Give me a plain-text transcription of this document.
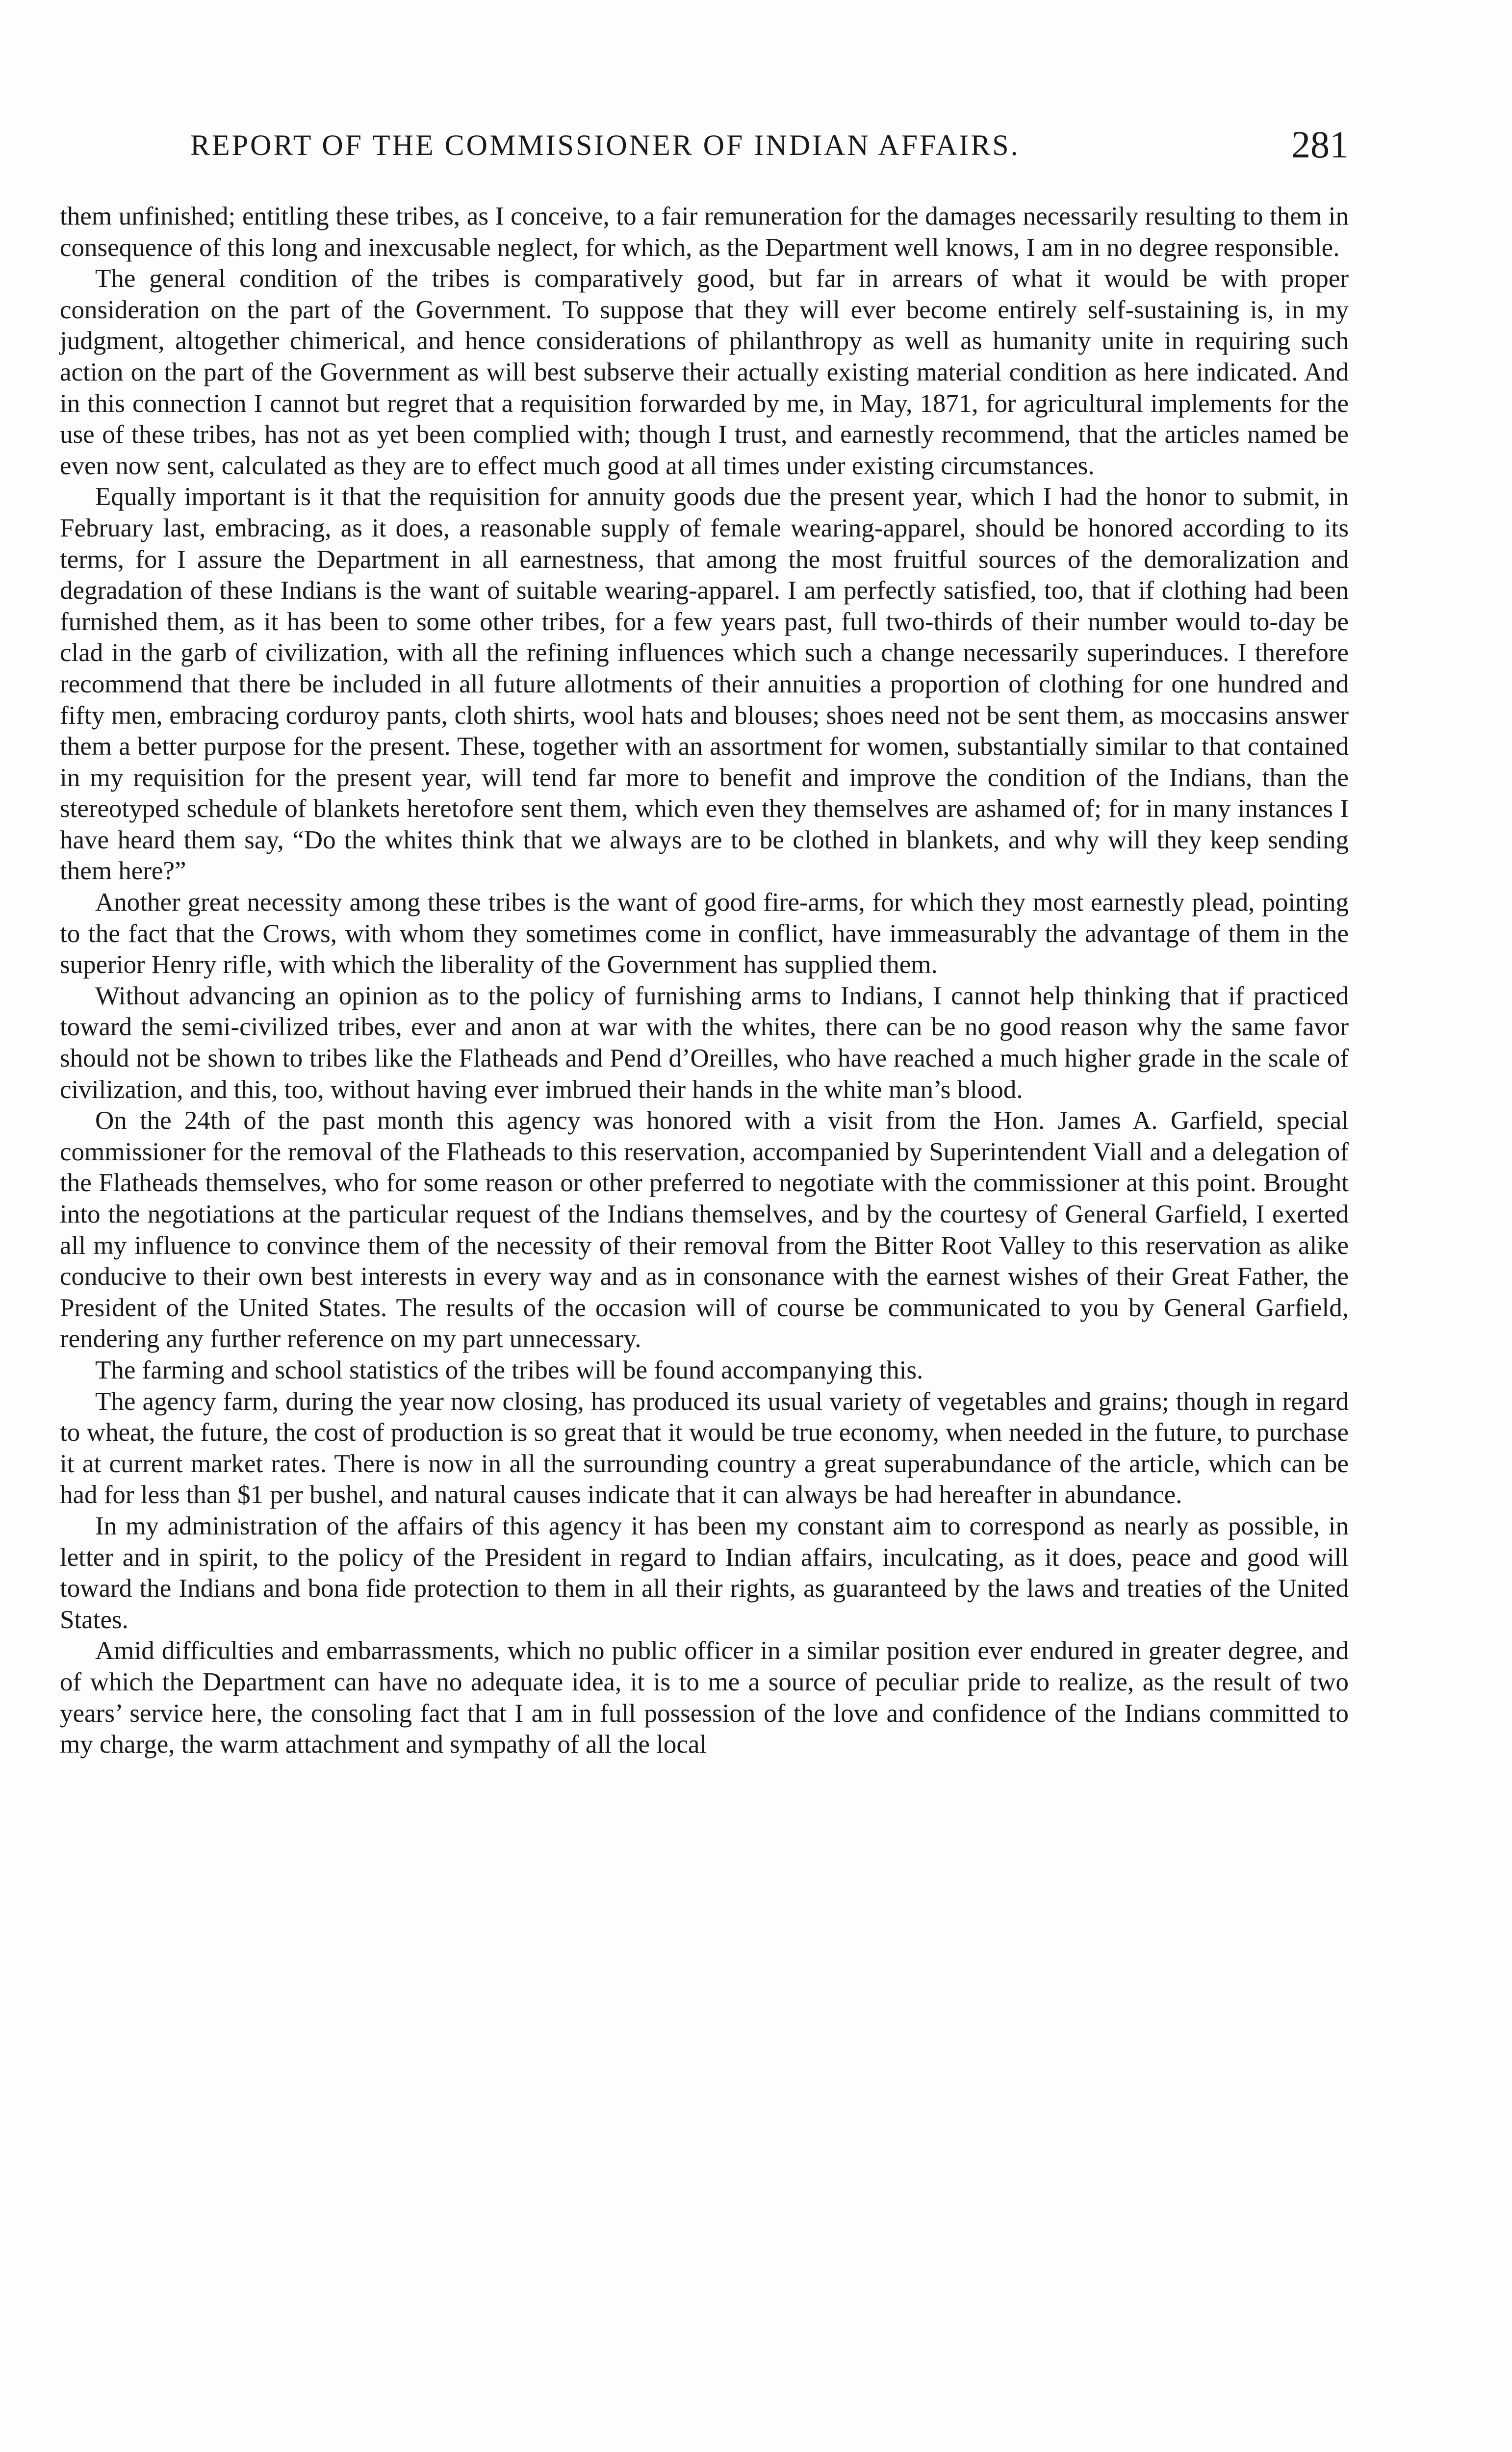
REPORT OF THE COMMISSIONER OF INDIAN AFFAIRS.	281

them unfinished; entitling these tribes, as I conceive, to a fair remuneration for the damages necessarily resulting to them in consequence of this long and inexcusable neglect, for which, as the Department well knows, I am in no degree responsible.

The general condition of the tribes is comparatively good, but far in arrears of what it would be with proper consideration on the part of the Government. To suppose that they will ever become entirely self-sustaining is, in my judgment, altogether chimerical, and hence considerations of philanthropy as well as humanity unite in requiring such action on the part of the Government as will best subserve their actually existing material condition as here indicated. And in this connection I cannot but regret that a requisition forwarded by me, in May, 1871, for agricultural implements for the use of these tribes, has not as yet been complied with; though I trust, and earnestly recommend, that the articles named be even now sent, calculated as they are to effect much good at all times under existing circumstances.

Equally important is it that the requisition for annuity goods due the present year, which I had the honor to submit, in February last, embracing, as it does, a reasonable supply of female wearing-apparel, should be honored according to its terms, for I assure the Department in all earnestness, that among the most fruitful sources of the demoralization and degradation of these Indians is the want of suitable wearing-apparel. I am perfectly satisfied, too, that if clothing had been furnished them, as it has been to some other tribes, for a few years past, full two-thirds of their number would to-day be clad in the garb of civilization, with all the refining influences which such a change necessarily superinduces. I therefore recommend that there be included in all future allotments of their annuities a proportion of clothing for one hundred and fifty men, embracing corduroy pants, cloth shirts, wool hats and blouses; shoes need not be sent them, as moccasins answer them a better purpose for the present. These, together with an assortment for women, substantially similar to that contained in my requisition for the present year, will tend far more to benefit and improve the condition of the Indians, than the stereotyped schedule of blankets heretofore sent them, which even they themselves are ashamed of; for in many instances I have heard them say, “Do the whites think that we always are to be clothed in blankets, and why will they keep sending them here?”

Another great necessity among these tribes is the want of good fire-arms, for which they most earnestly plead, pointing to the fact that the Crows, with whom they sometimes come in conflict, have immeasurably the advantage of them in the superior Henry rifle, with which the liberality of the Government has supplied them.

Without advancing an opinion as to the policy of furnishing arms to Indians, I cannot help thinking that if practiced toward the semi-civilized tribes, ever and anon at war with the whites, there can be no good reason why the same favor should not be shown to tribes like the Flatheads and Pend d’Oreilles, who have reached a much higher grade in the scale of civilization, and this, too, without having ever imbrued their hands in the white man’s blood.

On the 24th of the past month this agency was honored with a visit from the Hon. James A. Garfield, special commissioner for the removal of the Flatheads to this reservation, accompanied by Superintendent Viall and a delegation of the Flatheads themselves, who for some reason or other preferred to negotiate with the commissioner at this point. Brought into the negotiations at the particular request of the Indians themselves, and by the courtesy of General Garfield, I exerted all my influence to convince them of the necessity of their removal from the Bitter Root Valley to this reservation as alike conducive to their own best interests in every way and as in consonance with the earnest wishes of their Great Father, the President of the United States. The results of the occasion will of course be communicated to you by General Garfield, rendering any further reference on my part unnecessary.

The farming and school statistics of the tribes will be found accompanying this.

The agency farm, during the year now closing, has produced its usual variety of vegetables and grains; though in regard to wheat, the future, the cost of production is so great that it would be true economy, when needed in the future, to purchase it at current market rates. There is now in all the surrounding country a great superabundance of the article, which can be had for less than $1 per bushel, and natural causes indicate that it can always be had hereafter in abundance.

In my administration of the affairs of this agency it has been my constant aim to correspond as nearly as possible, in letter and in spirit, to the policy of the President in regard to Indian affairs, inculcating, as it does, peace and good will toward the Indians and bona fide protection to them in all their rights, as guaranteed by the laws and treaties of the United States.

Amid difficulties and embarrassments, which no public officer in a similar position ever endured in greater degree, and of which the Department can have no adequate idea, it is to me a source of peculiar pride to realize, as the result of two years’ service here, the consoling fact that I am in full possession of the love and confidence of the Indians committed to my charge, the warm attachment and sympathy of all the local
